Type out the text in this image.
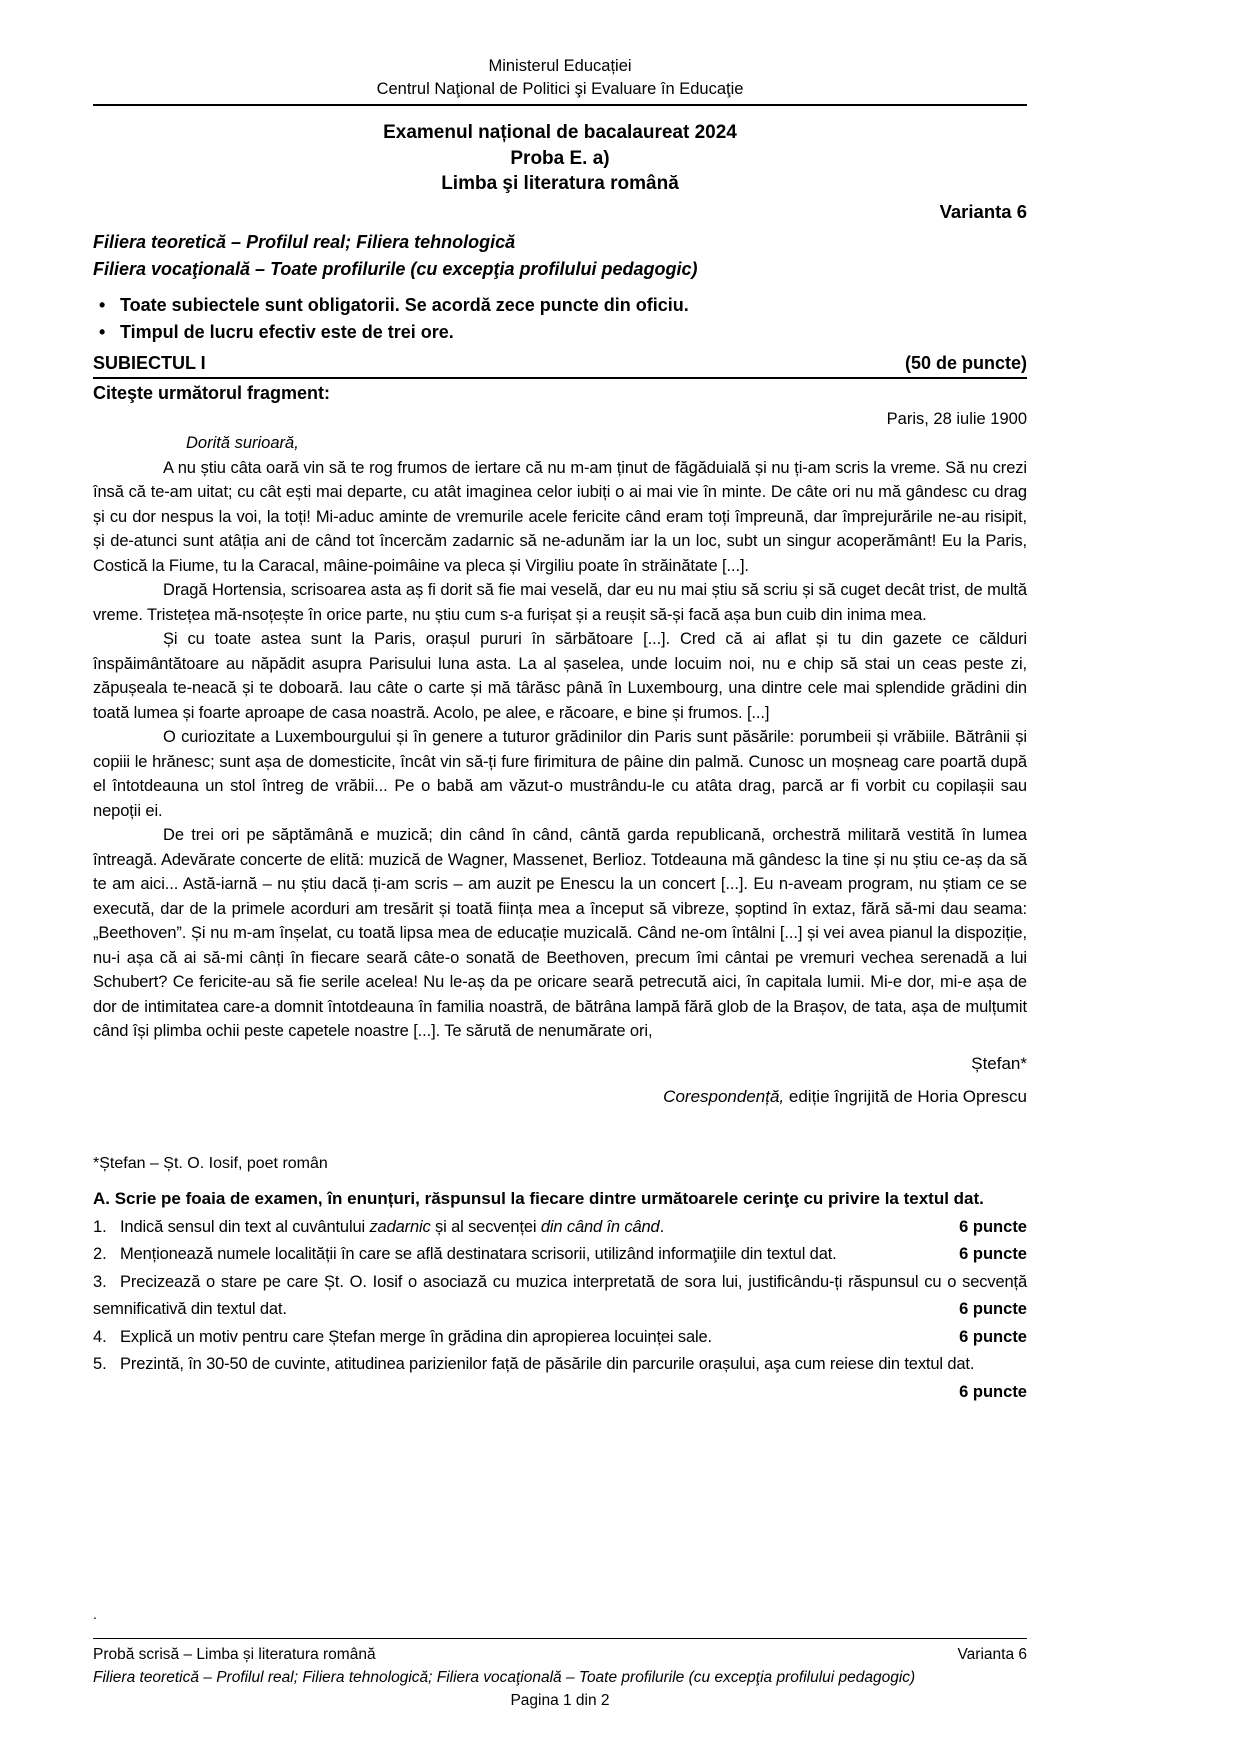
Ministerul Educației
Centrul Naţional de Politici şi Evaluare în Educaţie
Examenul național de bacalaureat 2024
Proba E. a)
Limba şi literatura română
Varianta 6
Filiera teoretică – Profilul real; Filiera tehnologică
Filiera vocaţională – Toate profilurile (cu excepţia profilului pedagogic)
• Toate subiectele sunt obligatorii. Se acordă zece puncte din oficiu.
• Timpul de lucru efectiv este de trei ore.
SUBIECTUL I	(50 de puncte)
Citeşte următorul fragment:
Paris, 28 iulie 1900
Dorită surioară,

A nu știu câta oară vin să te rog frumos de iertare că nu m-am ținut de făgăduială și nu ți-am scris la vreme. Să nu crezi însă că te-am uitat; cu cât ești mai departe, cu atât imaginea celor iubiți o ai mai vie în minte. De câte ori nu mă gândesc cu drag și cu dor nespus la voi, la toți! Mi-aduc aminte de vremurile acele fericite când eram toți împreună, dar împrejurările ne-au risipit, și de-atunci sunt atâția ani de când tot încercăm zadarnic să ne-adunăm iar la un loc, subt un singur acoperământ! Eu la Paris, Costică la Fiume, tu la Caracal, mâine-poimâine va pleca și Virgiliu poate în străinătate [...].

Dragă Hortensia, scrisoarea asta aș fi dorit să fie mai veselă, dar eu nu mai știu să scriu și să cuget decât trist, de multă vreme. Tristețea mă-nsoțește în orice parte, nu știu cum s-a furișat și a reușit să-și facă așa bun cuib din inima mea.

Și cu toate astea sunt la Paris, orașul pururi în sărbătoare [...]. Cred că ai aflat și tu din gazete ce călduri înspăimântătoare au năpădit asupra Parisului luna asta. La al șaselea, unde locuim noi, nu e chip să stai un ceas peste zi, zăpușeala te-neacă și te doboară. Iau câte o carte și mă târăsc până în Luxembourg, una dintre cele mai splendide grădini din toată lumea și foarte aproape de casa noastră. Acolo, pe alee, e răcoare, e bine și frumos. [...]

O curiozitate a Luxembourgului și în genere a tuturor grădinilor din Paris sunt păsările: porumbeii și vrăbiile. Bătrânii și copiii le hrănesc; sunt așa de domesticite, încât vin să-ți fure firimitura de pâine din palmă. Cunosc un moșneag care poartă după el întotdeauna un stol întreg de vrăbii... Pe o babă am văzut-o mustrându-le cu atâta drag, parcă ar fi vorbit cu copilașii sau nepoții ei.

De trei ori pe săptămână e muzică; din când în când, cântă garda republicană, orchestră militară vestită în lumea întreagă. Adevărate concerte de elită: muzică de Wagner, Massenet, Berlioz. Totdeauna mă gândesc la tine și nu știu ce-aș da să te am aici... Astă-iarnă – nu știu dacă ți-am scris – am auzit pe Enescu la un concert [...]. Eu n-aveam program, nu știam ce se execută, dar de la primele acorduri am tresărit și toată ființa mea a început să vibreze, șoptind în extaz, fără să-mi dau seama: „Beethoven”. Și nu m-am înșelat, cu toată lipsa mea de educație muzicală. Când ne-om întâlni [...] și vei avea pianul la dispoziție, nu-i așa că ai să-mi cânți în fiecare seară câte-o sonată de Beethoven, precum îmi cântai pe vremuri vechea serenadă a lui Schubert? Ce fericite-au să fie serile acelea! Nu le-aș da pe oricare seară petrecută aici, în capitala lumii. Mi-e dor, mi-e așa de dor de intimitatea care-a domnit întotdeauna în familia noastră, de bătrâna lampă fără glob de la Brașov, de tata, așa de mulțumit când își plimba ochii peste capetele noastre [...]. Te sărută de nenumărate ori,

Ștefan*
Corespondență, ediție îngrijită de Horia Oprescu
*Ștefan – Șt. O. Iosif, poet român
A. Scrie pe foaia de examen, în enunțuri, răspunsul la fiecare dintre următoarele cerinţe cu privire la textul dat.
1. Indică sensul din text al cuvântului zadarnic și al secvenței din când în când.	6 puncte
2. Menționează numele localității în care se află destinatara scrisorii, utilizând informaţiile din textul dat.	6 puncte
3. Precizează o stare pe care Șt. O. Iosif o asociază cu muzica interpretată de sora lui, justificându-ți răspunsul cu o secvență semnificativă din textul dat.	6 puncte
4. Explică un motiv pentru care Ștefan merge în grădina din apropierea locuinței sale.	6 puncte
5. Prezintă, în 30-50 de cuvinte, atitudinea parizienilor față de păsările din parcurile orașului, aşa cum reiese din textul dat.
6 puncte
.
Probă scrisă – Limba și literatura română	Varianta 6
Filiera teoretică – Profilul real; Filiera tehnologică; Filiera vocaţională – Toate profilurile (cu excepţia profilului pedagogic)
Pagina 1 din 2
